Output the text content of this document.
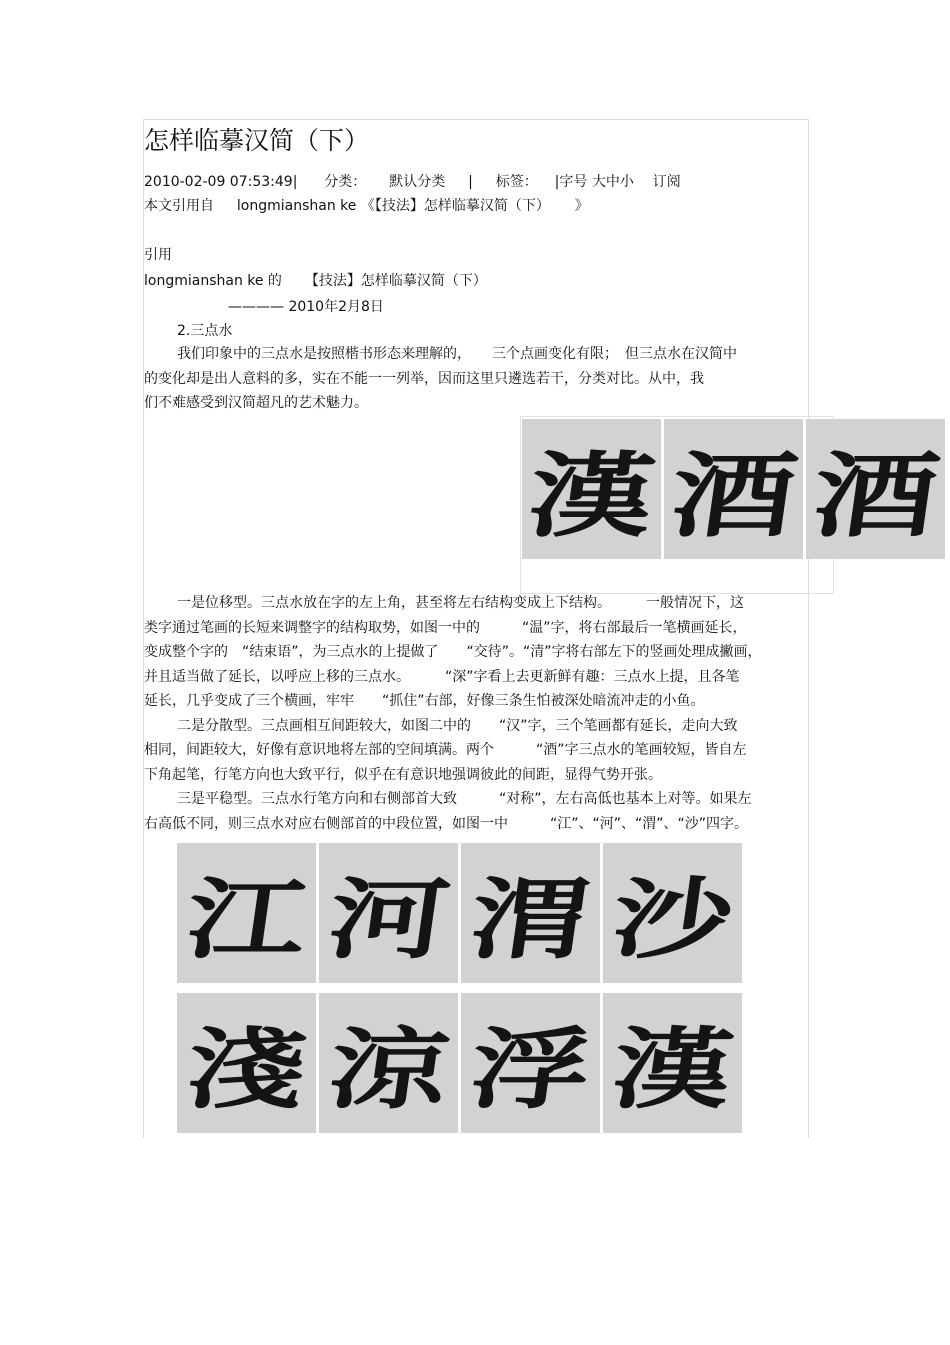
怎样临摹汉简（下）
2010-02-09 07:53:49| 分类： 默认分类 | 标签： |字号 大中小 订阅
本文引用自 longmianshan ke 《【技法】怎样临摹汉简（下） 》
引用
longmianshan ke 的 【技法】怎样临摹汉简（下）
———— 2010年2月8日
2.三点水
我们印象中的三点水是按照楷书形态来理解的，　　三个点画变化有限；　但三点水在汉简中
的变化却是出人意料的多，实在不能一一列举，因而这里只遴选若干，分类对比。从中，我
们不难感受到汉简超凡的艺术魅力。
漢 酒 酒
一是位移型。三点水放在字的左上角，甚至将左右结构变成上下结构。　　　一般情况下，这
类字通过笔画的长短来调整字的结构取势，如图一中的　　　“温”字，将右部最后一笔横画延长，
变成整个字的　“结束语”，为三点水的上提做了　　“交待”。“清”字将右部左下的竖画处理成撇画，
并且适当做了延长，以呼应上移的三点水。　　　“深”字看上去更新鲜有趣：三点水上提，且各笔
延长，几乎变成了三个横画，牢牢　　“抓住”右部，好像三条生怕被深处暗流冲走的小鱼。
二是分散型。三点画相互间距较大，如图二中的　　“汉”字，三个笔画都有延长，走向大致
相同，间距较大，好像有意识地将左部的空间填满。两个　　　“酒”字三点水的笔画较短，皆自左
下角起笔，行笔方向也大致平行，似乎在有意识地强调彼此的间距，显得气势开张。
三是平稳型。三点水行笔方向和右侧部首大致　　　“对称”，左右高低也基本上对等。如果左
右高低不同，则三点水对应右侧部首的中段位置，如图一中　　　“江”、“河”、“渭”、“沙”四字。
江 河 渭 沙
淺 涼 浮 漢
